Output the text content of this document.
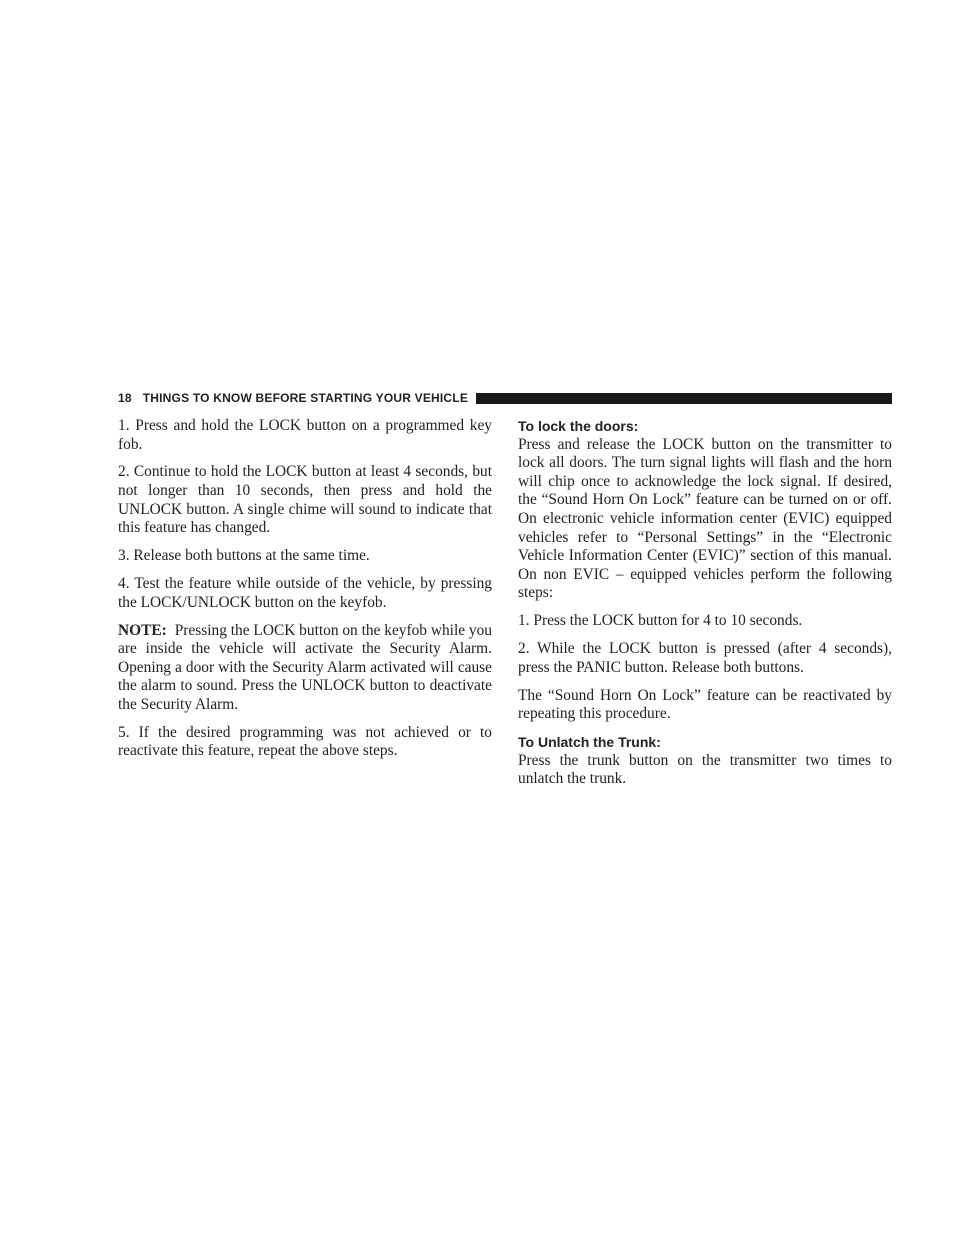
18 THINGS TO KNOW BEFORE STARTING YOUR VEHICLE

1. Press and hold the LOCK button on a programmed key fob.

2. Continue to hold the LOCK button at least 4 seconds, but not longer than 10 seconds, then press and hold the UNLOCK button. A single chime will sound to indicate that this feature has changed.

3. Release both buttons at the same time.

4. Test the feature while outside of the vehicle, by pressing the LOCK/UNLOCK button on the keyfob.

NOTE: Pressing the LOCK button on the keyfob while you are inside the vehicle will activate the Security Alarm. Opening a door with the Security Alarm activated will cause the alarm to sound. Press the UNLOCK button to deactivate the Security Alarm.

5. If the desired programming was not achieved or to reactivate this feature, repeat the above steps.

To lock the doors:

Press and release the LOCK button on the transmitter to lock all doors. The turn signal lights will flash and the horn will chip once to acknowledge the lock signal. If desired, the “Sound Horn On Lock” feature can be turned on or off. On electronic vehicle information center (EVIC) equipped vehicles refer to “Personal Settings” in the “Electronic Vehicle Information Center (EVIC)” section of this manual. On non EVIC – equipped vehicles perform the following steps:

1. Press the LOCK button for 4 to 10 seconds.

2. While the LOCK button is pressed (after 4 seconds), press the PANIC button. Release both buttons.

The “Sound Horn On Lock” feature can be reactivated by repeating this procedure.

To Unlatch the Trunk:

Press the trunk button on the transmitter two times to unlatch the trunk.
